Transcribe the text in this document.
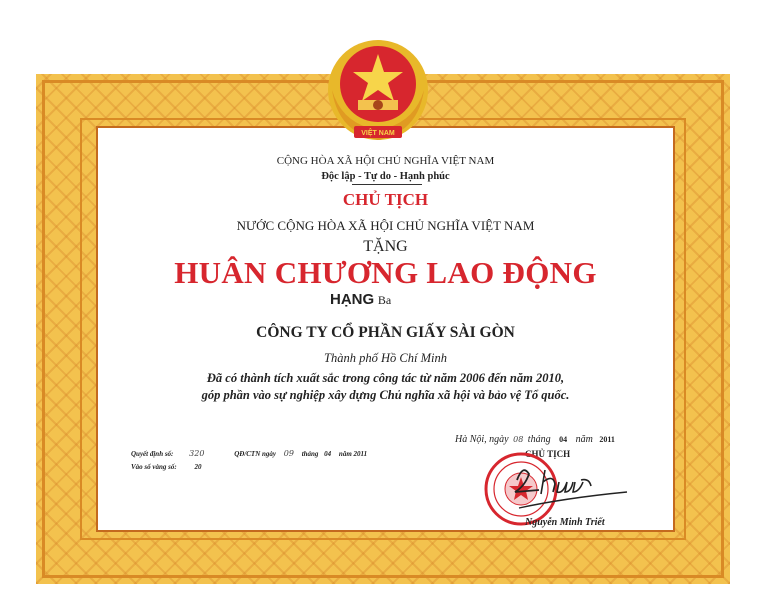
VIỆT NAM
CỘNG HÒA XÃ HỘI CHỦ NGHĨA VIỆT NAM
Độc lập - Tự do - Hạnh phúc
CHỦ TỊCH
NƯỚC CỘNG HÒA XÃ HỘI CHỦ NGHĨA VIỆT NAM
TẶNG
HUÂN CHƯƠNG LAO ĐỘNG
HẠNG Ba
CÔNG TY CỔ PHẦN GIẤY SÀI GÒN
Thành phố Hồ Chí Minh
Đã có thành tích xuất sắc trong công tác từ năm 2006 đến năm 2010,
góp phần vào sự nghiệp xây dựng Chủ nghĩa xã hội và bảo vệ Tổ quốc.
Quyết định số: 320	QĐ/CTN ngày 09 tháng 04 năm 2011
Vào sổ vàng số:	20
Hà Nội, ngày 08 tháng 04 năm 2011
CHỦ TỊCH
Nguyễn Minh Triết
